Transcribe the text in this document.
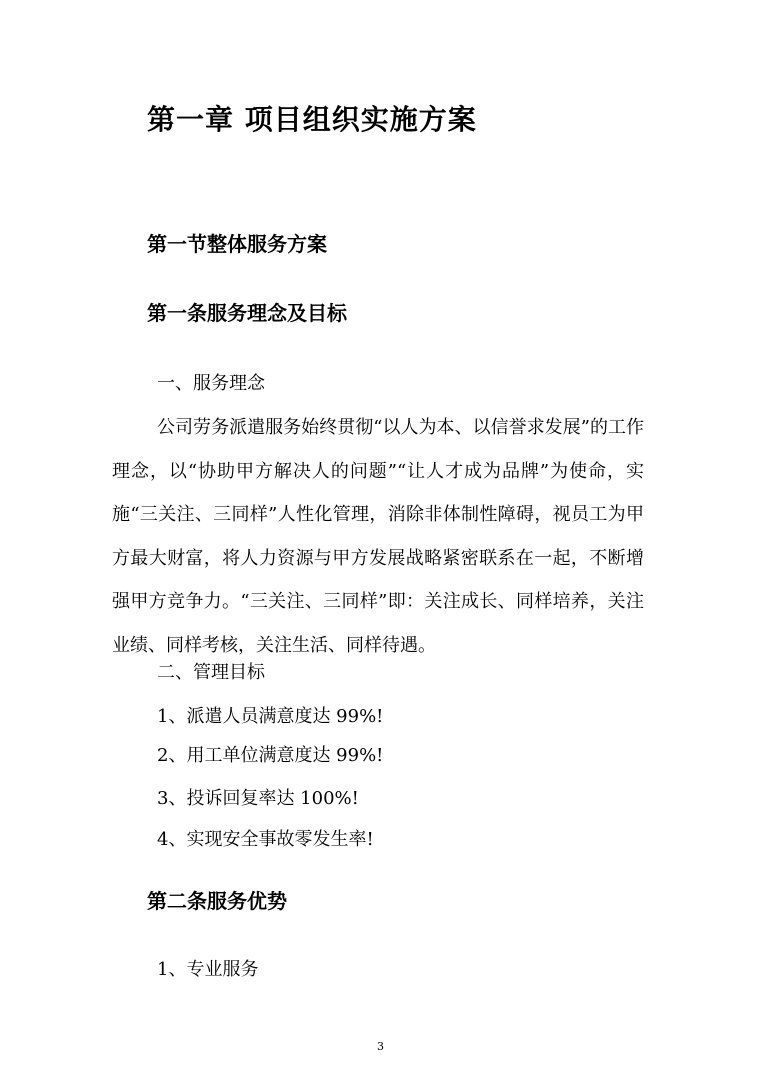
第一章 项目组织实施方案
第一节整体服务方案
第一条服务理念及目标
一、服务理念

公司劳务派遣服务始终贯彻“以人为本、以信誉求发展”的工作理念，以“协助甲方解决人的问题”“让人才成为品牌”为使命，实施“三关注、三同样”人性化管理，消除非体制性障碍，视员工为甲方最大财富，将人力资源与甲方发展战略紧密联系在一起，不断增强甲方竞争力。“三关注、三同样”即：关注成长、同样培养，关注业绩、同样考核，关注生活、同样待遇。

二、管理目标
1、派遣人员满意度达 99%!
2、用工单位满意度达 99%!
3、投诉回复率达 100%!
4、实现安全事故零发生率!
第二条服务优势
1、专业服务
3
